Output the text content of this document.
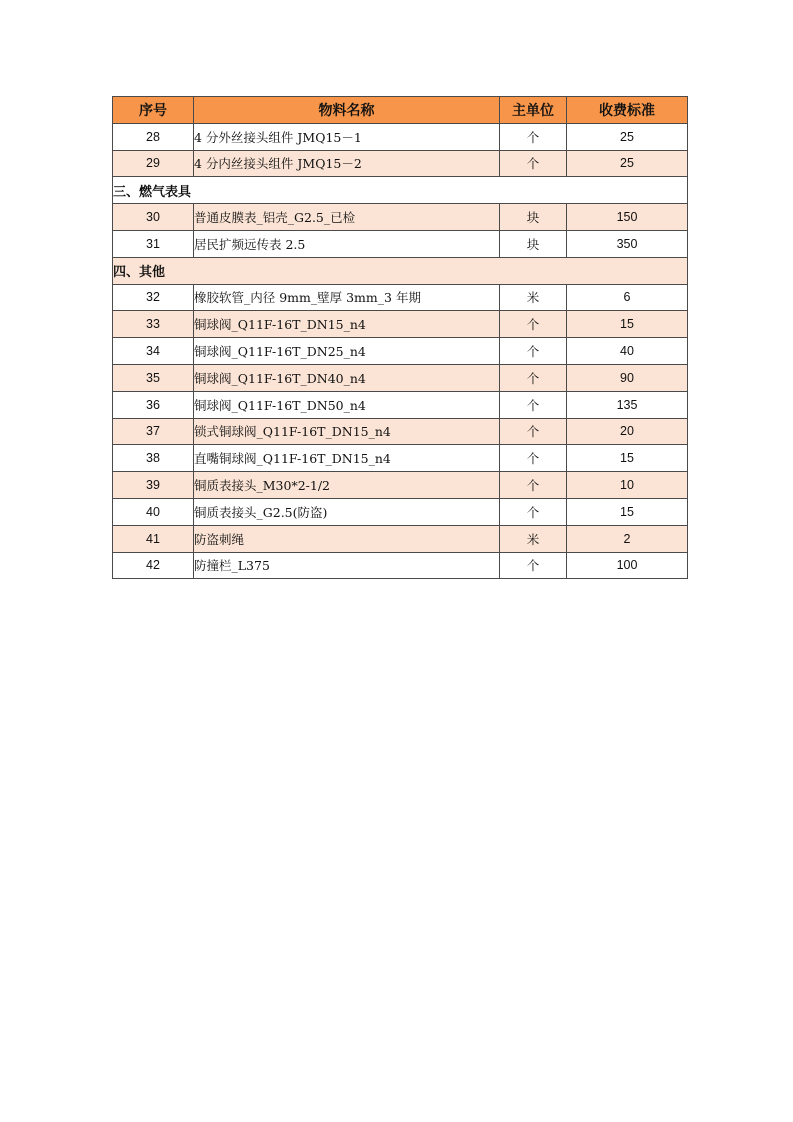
序号	物料名称	主单位	收费标准
28	4 分外丝接头组件 JMQ15－1	个	25
29	4 分内丝接头组件 JMQ15－2	个	25
三、燃气表具			
30	普通皮膜表_铝壳_G2.5_已检	块	150
31	居民扩频远传表 2.5	块	350
四、其他			
32	橡胶软管_内径 9mm_壁厚 3mm_3 年期	米	6
33	铜球阀_Q11F-16T_DN15_n4	个	15
34	铜球阀_Q11F-16T_DN25_n4	个	40
35	铜球阀_Q11F-16T_DN40_n4	个	90
36	铜球阀_Q11F-16T_DN50_n4	个	135
37	锁式铜球阀_Q11F-16T_DN15_n4	个	20
38	直嘴铜球阀_Q11F-16T_DN15_n4	个	15
39	铜质表接头_M30*2-1/2	个	10
40	铜质表接头_G2.5(防盗)	个	15
41	防盗刺绳	米	2
42	防撞栏_L375	个	100
